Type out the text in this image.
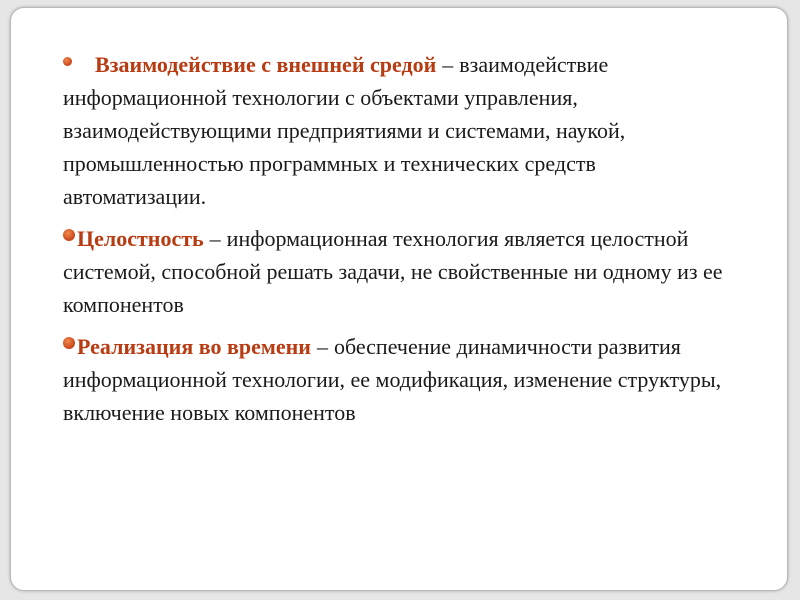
Взаимодействие с внешней средой – взаимодействие информационной технологии с объектами управления, взаимодействующими предприятиями и системами, наукой, промышленностью программных и технических средств автоматизации.

Целостность – информационная технология является целостной системой, способной решать задачи, не свойственные ни одному из ее компонентов

Реализация во времени – обеспечение динамичности развития информационной технологии, ее модификация, изменение структуры, включение новых компонентов
